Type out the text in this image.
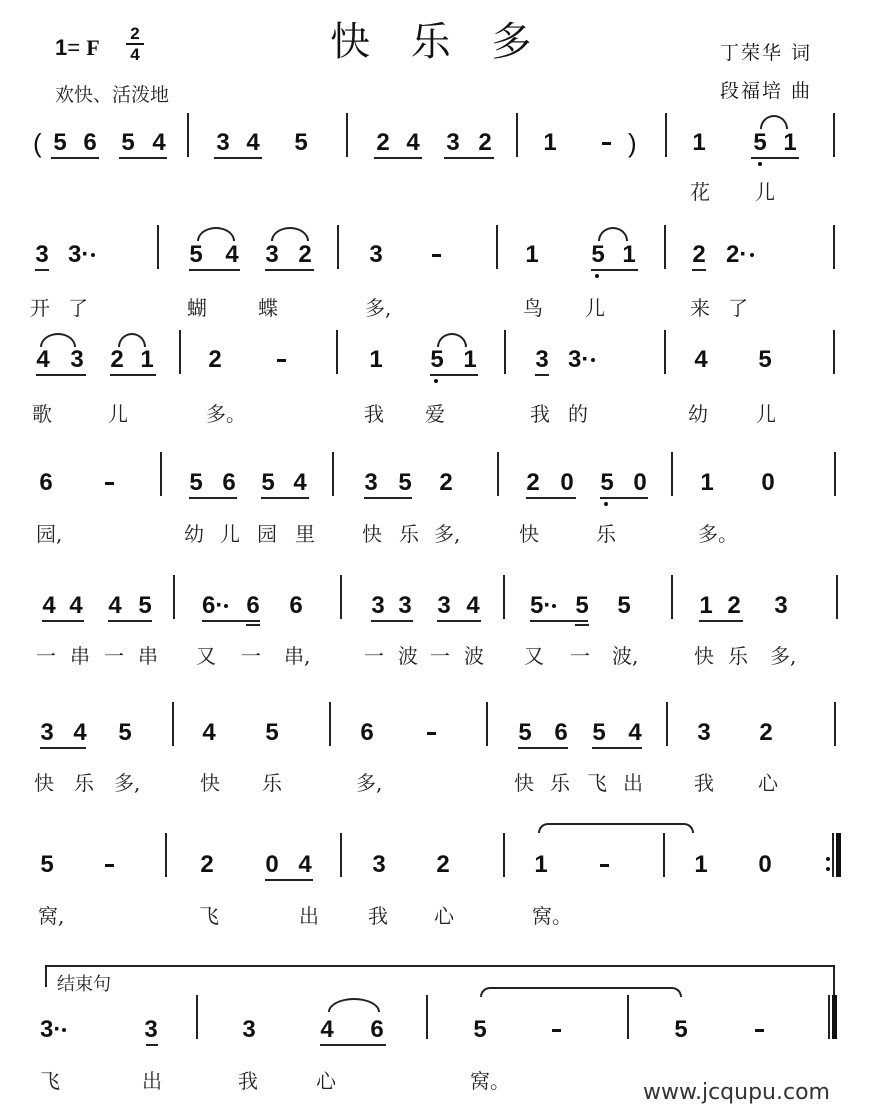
快 乐 多
1= F
2
4
欢快、活泼地
丁荣华 词
段福培 曲
( 5 6 5 4 3 4 5	2 4 3 2 1	) 1 5 1
花 儿
3 3·	5 4 3 2 3	1 5 1 2 2·
开 了	蝴	蝶	多,	鸟 儿	来 了
4 3 2 1 2	1 5 1 3 3·	4 5
歌	儿	多。	我 爱	我 的	幼 儿
6	5 6 5 4 3 5 2	2 0 5 0 1 0
园,	幼 儿 园 里 快 乐 多,	快	乐	多。
4 4 4 5 6· 6 6	3 3 3 4 5· 5 5	1 2 3
一 串 一 串 又 一 串,	一 波 一 波 又 一 波,	快 乐 多,
3 4 5	4 5	6	5 6 5 4 3 2
快 乐 多,	快 乐	多,	快 乐 飞 出	我 心
5	2 0 4	3 2	1	1 0
窝,	飞	出 我 心	窝。
结束句
3·	3	3	4 6	5	5
飞	出	我	心	窝。	www.jcqupu.com
